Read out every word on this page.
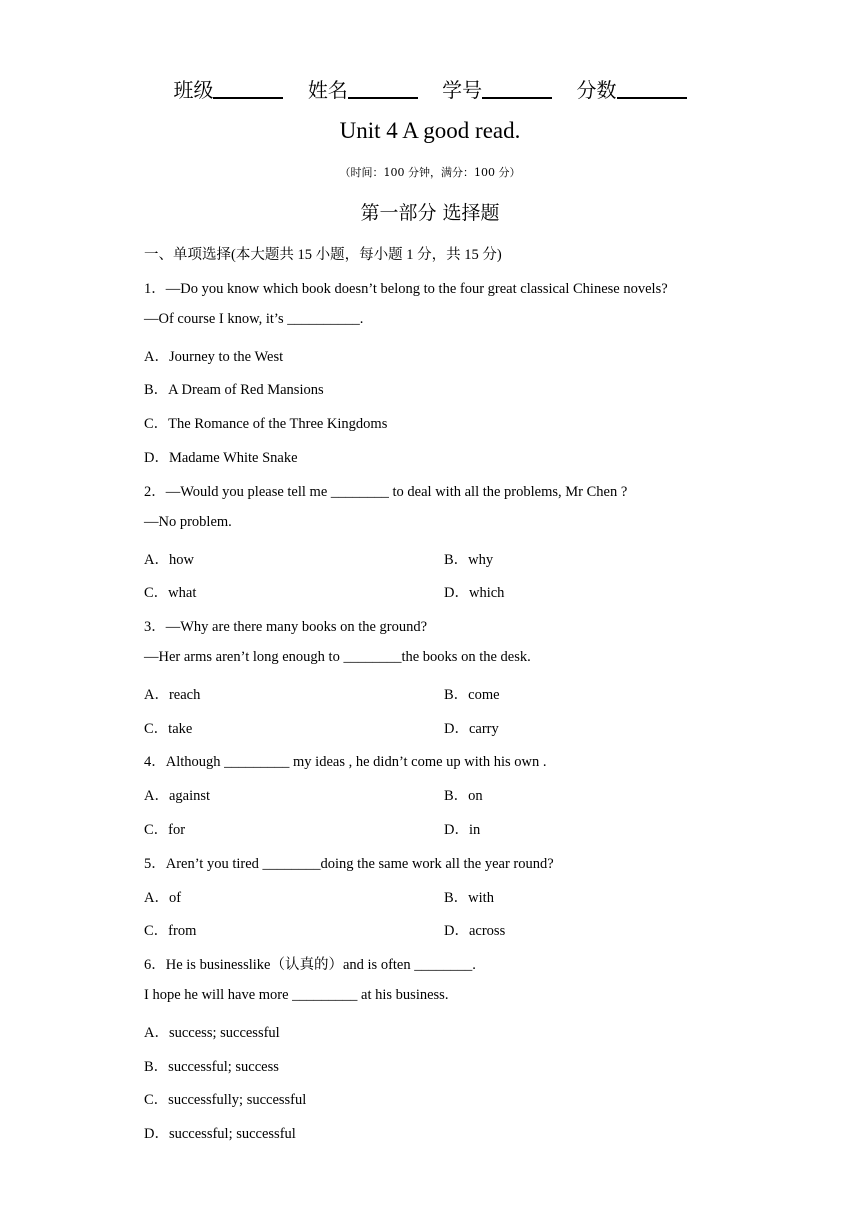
班级	姓名	学号	分数
Unit 4 A good read.
（时间：100 分钟，满分：100 分）
第一部分 选择题
一、单项选择(本大题共 15 小题，每小题 1 分，共 15 分)
1．—Do you know which book doesn’t belong to the four great classical Chinese novels?
—Of course I know, it’s __________.
A．Journey to the West
B．A Dream of Red Mansions
C．The Romance of the Three Kingdoms
D．Madame White Snake
2．—Would you please tell me ________ to deal with all the problems, Mr Chen ?
—No problem.
A．how	B．why
C．what	D．which
3．—Why are there many books on the ground?
—Her arms aren’t long enough to ________the books on the desk.
A．reach	B．come
C．take	D．carry
4．Although _________ my ideas , he didn’t come up with his own .
A．against	B．on
C．for	D．in
5．Aren’t you tired ________doing the same work all the year round?
A．of	B．with
C．from	D．across
6．He is businesslike（认真的）and is often ________.
I hope he will have more _________ at his business.
A．success; successful
B．successful; success
C．successfully; successful
D．successful; successful
